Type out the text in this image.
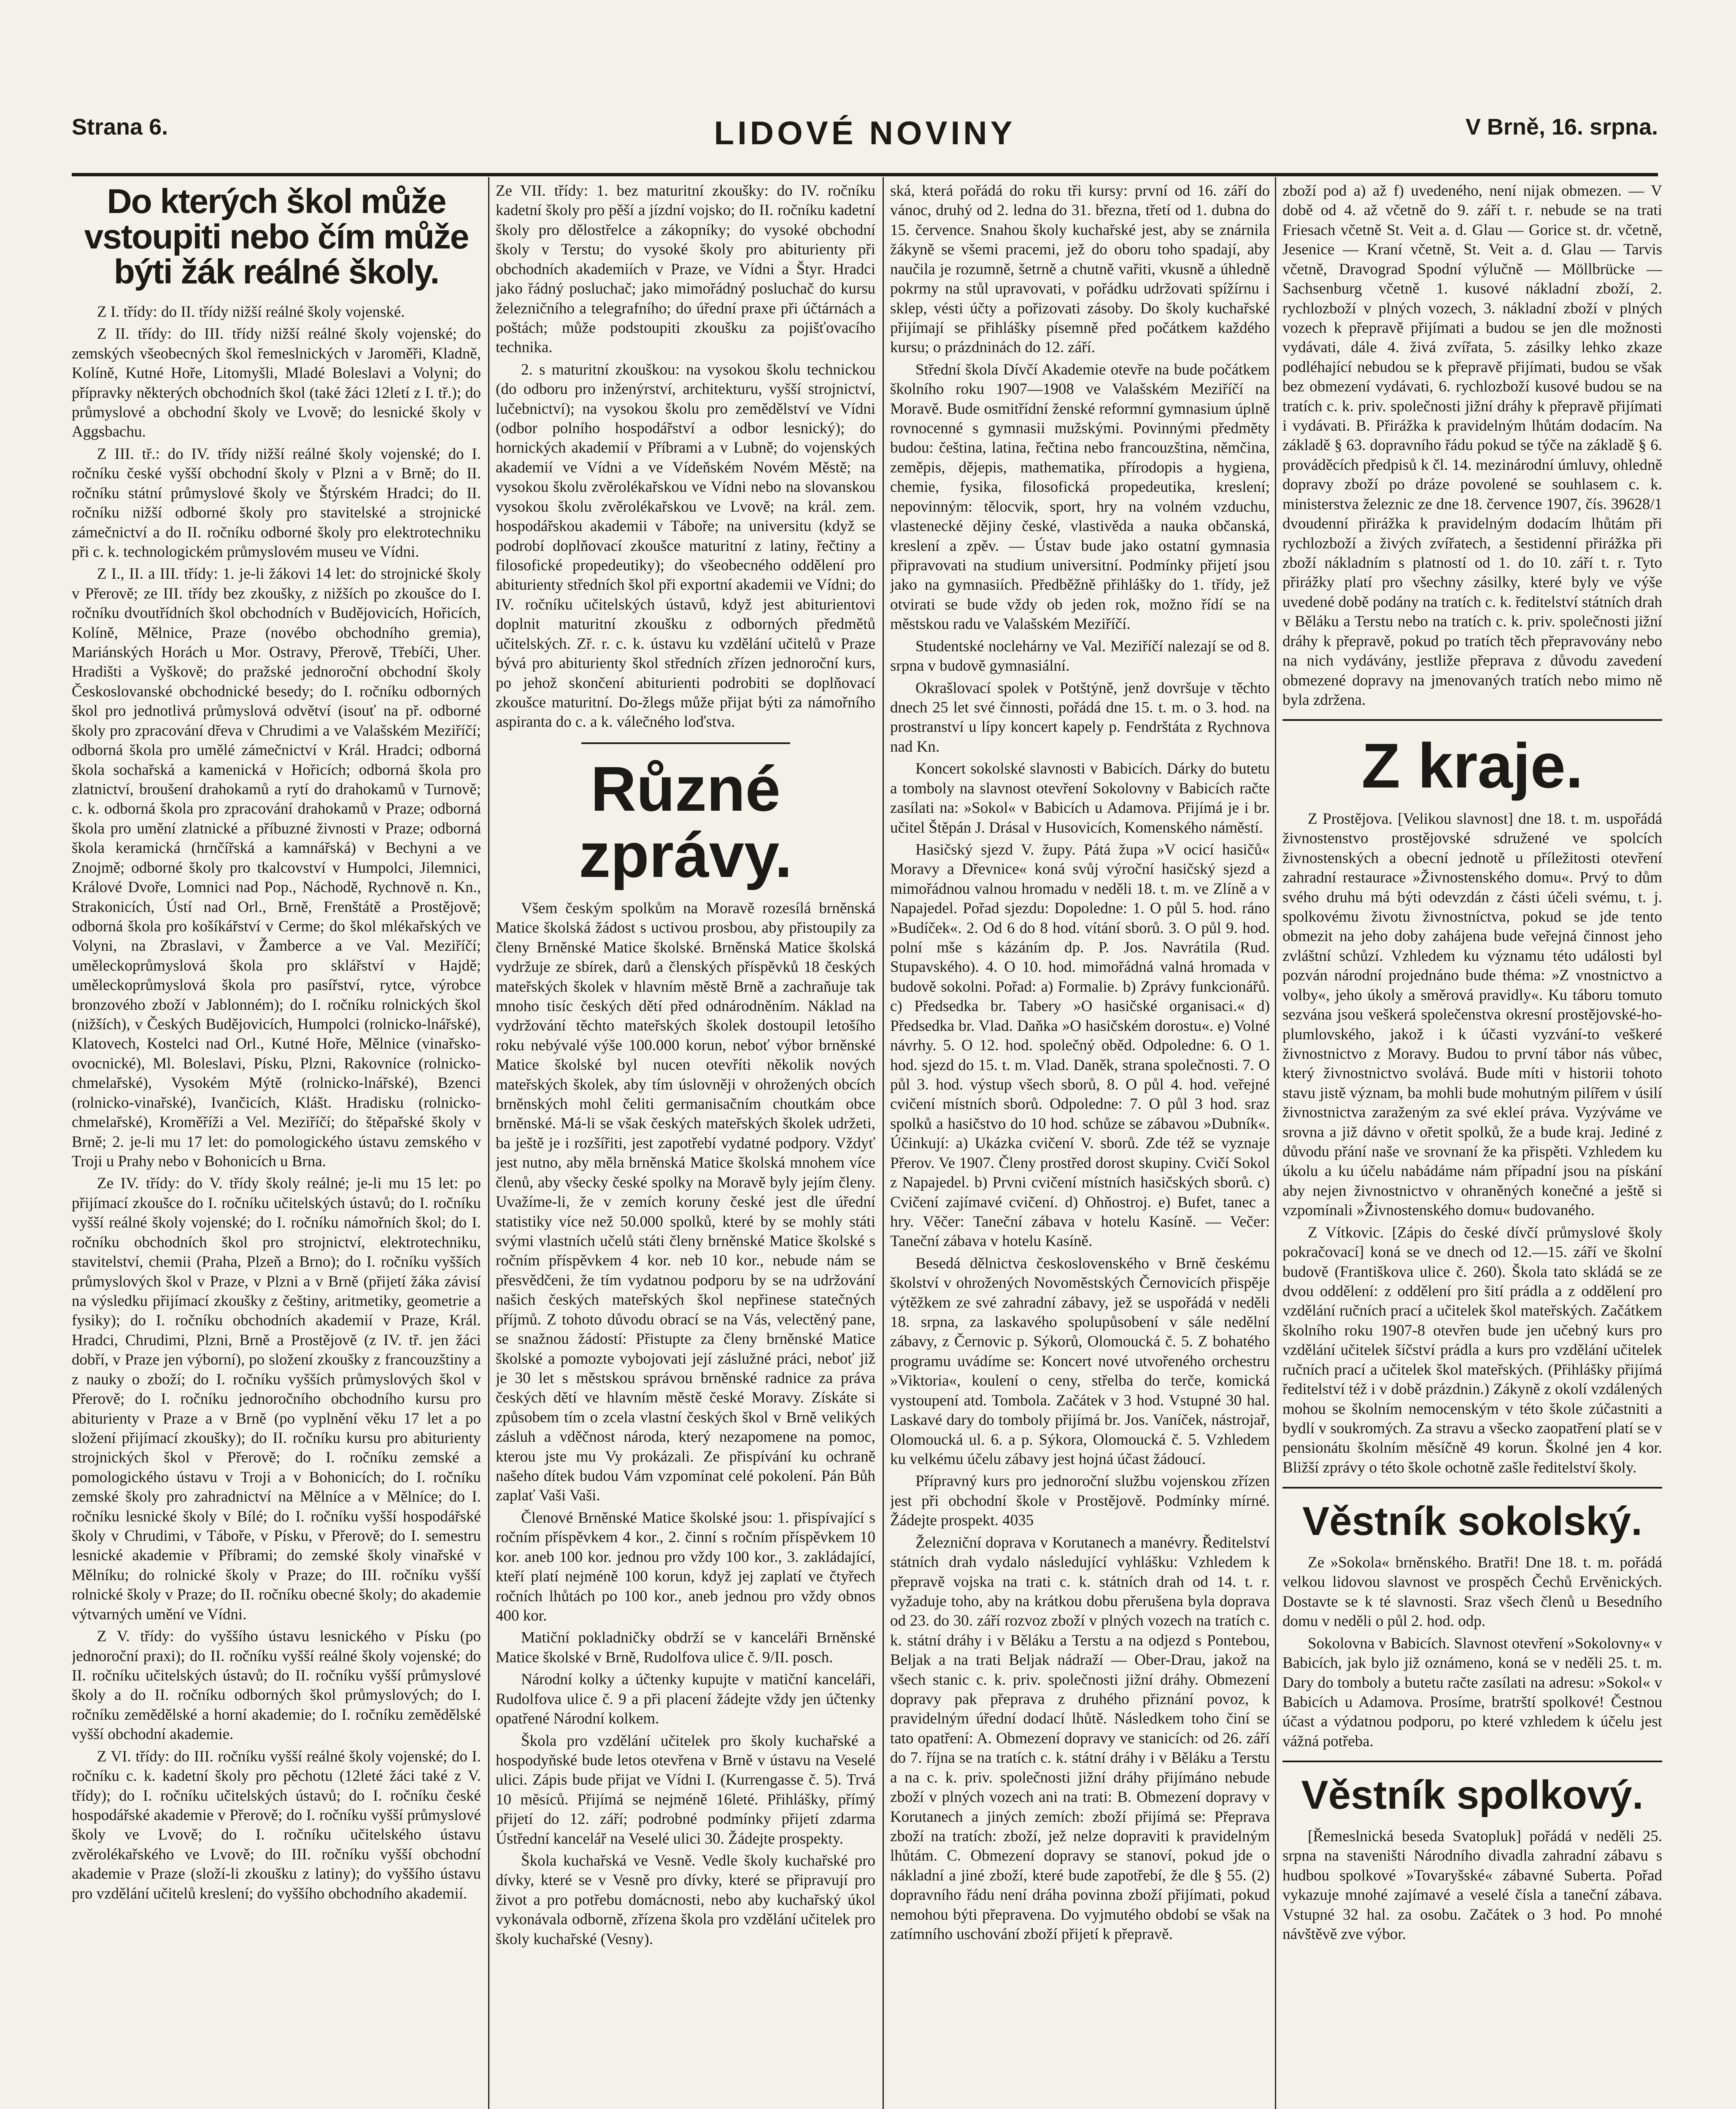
Strana 6.	LIDOVÉ NOVINY	V Brně, 16. srpna.
Do kterých škol může vstoupiti nebo čím může býti žák reálné školy.

Z I. třídy: do II. třídy nižší reálné školy vojenské.

Z II. třídy: do III. třídy nižší reálné školy vojenské; do zemských všeobecných škol řemeslnických v Jaroměři, Kladně, Kolíně, Kutné Hoře, Litomyšli, Mladé Boleslavi a Volyni; do přípravky některých obchodních škol (také žáci 12letí z I. tř.); do průmyslové a obchodní školy ve Lvově; do lesnické školy v Aggsbachu.

Z III. tř.: do IV. třídy nižší reálné školy vojenské; do I. ročníku české vyšší obchodní školy v Plzni a v Brně; do II. ročníku státní průmyslové školy ve Štýrském Hradci; do II. ročníku nižší odborné školy pro stavitelské a strojnické zámečnictví a do II. ročníku odborné školy pro elektrotechniku při c. k. technologickém průmyslovém museu ve Vídni.

Z I., II. a III. třídy: 1. je-li žákovi 14 let: do strojnické školy v Přerově; ze III. třídy bez zkoušky, z nižších po zkoušce do I. ročníku dvoutřídních škol obchodních v Budějovicích, Hořicích, Kolíně, Mělnice, Praze (novébo obchodního gremia), Mariánských Horách u Mor. Ostravy, Přerově, Třebíči, Uher. Hradišti a Vyškově; do pražské jednoroční obchodní školy Českoslovanské obchodnické besedy; do I. ročníku odborných škol pro jednotlivá průmyslová odvětví (isouť na př. odborné školy pro zpracování dřeva v Chrudimi a ve Valašském Meziříčí; odborná škola pro umělé zámečnictví v Král. Hradci; odborná škola sochařská a kamenická v Hořicích; odborná škola pro zlatnictví, broušení drahokamů a rytí do drahokamů v Turnově; c. k. odborná škola pro zpracování drahokamů v Praze; odborná škola pro umění zlatnické a příbuzné živnosti v Praze; odborná škola keramická (hrnčířská a kamnářská) v Bechyni a ve Znojmě; odborné školy pro tkalcovství v Humpolci, Jilemnici, Králové Dvoře, Lomnici nad Pop., Náchodě, Rychnově n. Kn., Strakonicích, Ústí nad Orl., Brně, Frenštátě a Prostějově; odborná škola pro košíkářství v Cerme; do škol mlékařských ve Volyni, na Zbraslavi, v Žamberce a ve Val. Meziříčí; uměleckoprůmyslová škola pro sklářství v Hajdě; uměleckoprůmyslová škola pro pasířství, rytce, výrobce bronzového zboží v Jablonném); do I. ročníku rolnických škol (nižších), v Českých Budějovicích, Humpolci (rolnicko-lnářské), Klatovech, Kostelci nad Orl., Kutné Hoře, Mělnice (vinařsko-ovocnické), Ml. Boleslavi, Písku, Plzni, Rakovníce (rolnicko-chmelařské), Vysokém Mýtě (rolnicko-lnářské), Bzenci (rolnicko-vinařské), Ivančicích, Klášt. Hradisku (rolnicko-chmelařské), Kroměříži a Vel. Meziříčí; do štěpařské školy v Brně; 2. je-li mu 17 let: do pomologického ústavu zemského v Troji u Prahy nebo v Bohonicích u Brna.

Ze IV. třídy: do V. třídy školy reálné; je-li mu 15 let: po přijímací zkoušce do I. ročníku učitelských ústavů; do I. ročníku vyšší reálné školy vojenské; do I. ročníku námořních škol; do I. ročníku obchodních škol pro strojnictví, elektrotechniku, stavitelství, chemii (Praha, Plzeň a Brno); do I. ročníku vyšších průmyslových škol v Praze, v Plzni a v Brně (přijetí žáka závisí na výsledku přijímací zkoušky z češtiny, aritmetiky, geometrie a fysiky); do I. ročníku obchodních akademií v Praze, Král. Hradci, Chrudimi, Plzni, Brně a Prostějově (z IV. tř. jen žáci dobří, v Praze jen výborní), po složení zkoušky z francouzštiny a z nauky o zboží; do I. ročníku vyšších průmyslových škol v Přerově; do I. ročníku jednoročního obchodního kursu pro abiturienty v Praze a v Brně (po vyplnění věku 17 let a po složení přijímací zkoušky); do II. ročníku kursu pro abiturienty strojnických škol v Přerově; do I. ročníku zemské a pomologického ústavu v Troji a v Bohonicích; do I. ročníku zemské školy pro zahradnictví na Mělníce a v Mělníce; do I. ročníku lesnické školy v Bílé; do I. ročníku vyšší hospodářské školy v Chrudimi, v Táboře, v Písku, v Přerově; do I. semestru lesnické akademie v Příbrami; do zemské školy vinařské v Mělníku; do rolnické školy v Praze; do III. ročníku vyšší rolnické školy v Praze; do II. ročníku obecné školy; do akademie výtvarných umění ve Vídni.

Z V. třídy: do vyššího ústavu lesnického v Písku (po jednoroční praxi); do II. ročníku vyšší reálné školy vojenské; do II. ročníku učitelských ústavů; do II. ročníku vyšší průmyslové školy a do II. ročníku odborných škol průmyslových; do I. ročníku zemědělské a horní akademie; do I. ročníku zemědělské vyšší obchodní akademie.

Z VI. třídy: do III. ročníku vyšší reálné školy vojenské; do I. ročníku c. k. kadetní školy pro pěchotu (12leté žáci také z V. třídy); do I. ročníku učitelských ústavů; do I. ročníku české hospodářské akademie v Přerově; do I. ročníku vyšší průmyslové školy ve Lvově; do I. ročníku učitelského ústavu zvěrolékařského ve Lvově; do III. ročníku vyšší obchodní akademie v Praze (složí-li zkoušku z latiny); do vyššího ústavu pro vzdělání učitelů kreslení; do vyššího obchodního akademií.

Ze VII. třídy: 1. bez maturitní zkoušky: do IV. ročníku kadetní školy pro pěší a jízdní vojsko; do II. ročníku kadetní školy pro dělostřelce a zákopníky; do vysoké obchodní školy v Terstu; do vysoké školy pro abiturienty při obchodních akademiích v Praze, ve Vídni a Štyr. Hradci jako řádný posluchač; jako mimořádný posluchač do kursu železničního a telegrafního; do úřední praxe při účtárnách a poštách; může podstoupiti zkoušku za pojišťovacího technika.

2. s maturitní zkouškou: na vysokou školu technickou (do odboru pro inženýrství, architekturu, vyšší strojnictví, lučebnictví); na vysokou školu pro zemědělství ve Vídni (odbor polního hospodářství a odbor lesnický); do hornických akademií v Příbrami a v Lubně; do vojenských akademií ve Vídni a ve Vídeňském Novém Městě; na vysokou školu zvěrolékařskou ve Vídni nebo na slovanskou vysokou školu zvěrolékařskou ve Lvově; na král. zem. hospodářskou akademii v Táboře; na universitu (když se podrobí doplňovací zkoušce maturitní z latiny, řečtiny a filosofické propedeutiky); do všeobecného oddělení pro abiturienty středních škol při exportní akademii ve Vídni; do IV. ročníku učitelských ústavů, když jest abiturientovi doplnit maturitní zkoušku z odborných předmětů učitelských. Zř. r. c. k. ústavu ku vzdělání učitelů v Praze bývá pro abiturienty škol středních zřízen jednoroční kurs, po jehož skončení abiturienti podrobiti se doplňovací zkoušce maturitní. Do-žlegs může přijat býti za námořního aspiranta do c. a k. válečného loďstva.

Různé zprávy.

Všem českým spolkům na Moravě rozesílá brněnská Matice školská žádost s uctivou prosbou, aby přistoupily za členy Brněnské Matice školské. Brněnská Matice školská vydržuje ze sbírek, darů a členských příspěvků 18 českých mateřských školek v hlavním městě Brně a zachraňuje tak mnoho tisíc českých dětí před odnárodněním. Náklad na vydržování těchto mateřských školek dostoupil letošího roku nebývalé výše 100.000 korun, neboť výbor brněnské Matice školské byl nucen otevříti několik nových mateřských školek, aby tím úslovněji v ohrožených obcích brněnských mohl čeliti germanisačním choutkám obce brněnské. Má-li se však českých mateřských školek udržeti, ba ještě je i rozšířiti, jest zapotřebí vydatné podpory. Vždyť jest nutno, aby měla brněnská Matice školská mnohem více členů, aby všecky české spolky na Moravě byly jejím členy. Uvažíme-li, že v zemích koruny české jest dle úřední statistiky více než 50.000 spolků, které by se mohly státi svými vlastních učelů státi členy brněnské Matice školské s ročním příspěvkem 4 kor. neb 10 kor., nebude nám se přesvědčeni, že tím vydatnou podporu by se na udržování našich českých mateřských škol nepřinese statečných příjmů. Z tohoto důvodu obrací se na Vás, velectěný pane, se snažnou žádostí: Přistupte za členy brněnské Matice školské a pomozte vybojovati její záslužné práci, neboť již je 30 let s městskou správou brněnské radnice za práva českých dětí ve hlavním městě české Moravy. Získáte si způsobem tím o zcela vlastní českých škol v Brně velikých zásluh a vděčnost národa, který nezapomene na pomoc, kterou jste mu Vy prokázali. Ze přispívání ku ochraně našeho dítek budou Vám vzpomínat celé pokolení. Pán Bůh zaplať Vaši Vaši.

Členové Brněnské Matice školské jsou: 1. přispívající s ročním příspěvkem 4 kor., 2. činní s ročním příspěvkem 10 kor. aneb 100 kor. jednou pro vždy 100 kor., 3. zakládající, kteří platí nejméně 100 korun, když jej zaplatí ve čtyřech ročních lhůtách po 100 kor., aneb jednou pro vždy obnos 400 kor.

Matiční pokladničky obdrží se v kanceláři Brněnské Matice školské v Brně, Rudolfova ulice č. 9/II. posch.

Národní kolky a účtenky kupujte v matiční kanceláři, Rudolfova ulice č. 9 a při placení žádejte vždy jen účtenky opatřené Národní kolkem.

Škola pro vzdělání učitelek pro školy kuchařské a hospodyňské bude letos otevřena v Brně v ústavu na Veselé ulici. Zápis bude přijat ve Vídni I. (Kurrengasse č. 5). Trvá 10 měsíců. Přijímá se nejméně 16leté. Přihlášky, přímý přijetí do 12. září; podrobné podmínky přijetí zdarma Ústřední kancelář na Veselé ulici 30. Žádejte prospekty.

Škola kuchařská ve Vesně. Vedle školy kuchařské pro dívky, které se v Vesně pro dívky, které se připravují pro život a pro potřebu domácnosti, nebo aby kuchařský úkol vykonávala odborně, zřízena škola pro vzdělání učitelek pro školy kuchařské (Vesny).

ská, která pořádá do roku tři kursy: první od 16. září do vánoc, druhý od 2. ledna do 31. března, třetí od 1. dubna do 15. července. Snahou školy kuchařské jest, aby se znárnila žákyně se všemi pracemi, jež do oboru toho spadají, aby naučila je rozumně, šetrně a chutně vařiti, vkusně a úhledně pokrmy na stůl upravovati, v pořádku udržovati spížírnu i sklep, vésti účty a pořizovati zásoby. Do školy kuchařské přijímají se přihlášky písemně před počátkem každého kursu; o prázdninách do 12. září.

Střední škola Dívčí Akademie otevře na bude počátkem školního roku 1907—1908 ve Valašském Meziříčí na Moravě. Bude osmitřídní ženské reformní gymnasium úplně rovnocenné s gymnasii mužskými. Povinnými předměty budou: čeština, latina, řečtina nebo francouzština, němčina, zeměpis, dějepis, mathematika, přírodopis a hygiena, chemie, fysika, filosofická propedeutika, kreslení; nepovinným: tělocvik, sport, hry na volném vzduchu, vlastenecké dějiny české, vlastivěda a nauka občanská, kreslení a zpěv. — Ústav bude jako ostatní gymnasia připravovati na studium universitní. Podmínky přijetí jsou jako na gymnasiích. Předběžně přihlášky do 1. třídy, jež otvirati se bude vždy ob jeden rok, možno řídí se na městskou radu ve Valašském Meziříčí.

Studentské noclehárny ve Val. Meziříčí nalezají se od 8. srpna v budově gymnasiální.

Okrašlovací spolek v Potštýně, jenž dovršuje v těchto dnech 25 let své činnosti, pořádá dne 15. t. m. o 3. hod. na prostranství u lípy koncert kapely p. Fendrštáta z Rychnova nad Kn.

Koncert sokolské slavnosti v Babicích. Dárky do butetu a tomboly na slavnost otevření Sokolovny v Babicích račte zasílati na: »Sokol« v Babicích u Adamova. Přijímá je i br. učitel Štěpán J. Drásal v Husovicích, Komenského náměstí.

Hasičský sjezd V. župy. Pátá župa »V ocicí hasičů« Moravy a Dřevnice« koná svůj výroční hasičský sjezd a mimořádnou valnou hromadu v neděli 18. t. m. ve Zlíně a v Napajedel. Pořad sjezdu: Dopoledne: 1. O půl 5. hod. ráno »Budíček«. 2. Od 6 do 8 hod. vítání sborů. 3. O půl 9. hod. polní mše s kázáním dp. P. Jos. Navrátila (Rud. Stupavského). 4. O 10. hod. mimořádná valná hromada v budově sokolni. Pořad: a) Formalie. b) Zprávy funkcionářů. c) Předsedka br. Tabery »O hasičské organisaci.« d) Předsedka br. Vlad. Daňka »O hasičském dorostu«. e) Volné návrhy. 5. O 12. hod. společný oběd. Odpoledne: 6. O 1. hod. sjezd do 15. t. m. Vlad. Daněk, strana společnosti. 7. O půl 3. hod. výstup všech sborů, 8. O půl 4. hod. veřejné cvičení místních sborů. Odpoledne: 7. O půl 3 hod. sraz spolků a hasičstvo do 10 hod. schůze se zábavou »Dubník«. Účinkují: a) Ukázka cvičení V. sborů. Zde též se vyznaje Přerov. Ve 1907. Členy prostřed dorost skupiny. Cvičí Sokol z Napajedel. b) Prvni cvičení místních hasičských sborů. c) Cvičení zajímavé cvičení. d) Ohňostroj. e) Bufet, tanec a hry. Věčer: Taneční zábava v hotelu Kasíně. — Večer: Taneční zábava v hotelu Kasíně.

Besedá dělnictva československého v Brně českému školství v ohrožených Novoměstských Černovicích přispěje výtěžkem ze své zahradní zábavy, jež se uspořádá v neděli 18. srpna, za laskavého spolupůsobení v sále nedělní zábavy, z Černovic p. Sýkorů, Olomoucká č. 5. Z bohatého programu uvádíme se: Koncert nové utvořeného orchestru »Viktoria«, koulení o ceny, střelba do terče, komická vystoupení atd. Tombola. Začátek v 3 hod. Vstupné 30 hal. Laskavé dary do tomboly přijímá br. Jos. Vaníček, nástrojař, Olomoucká ul. 6. a p. Sýkora, Olomoucká č. 5. Vzhledem ku velkému účelu zábavy jest hojná účast žádoucí.

Přípravný kurs pro jednoroční službu vojenskou zřízen jest při obchodní škole v Prostějově. Podmínky mírné. Žádejte prospekt. 4035

Železniční doprava v Korutanech a manévry. Ředitelství státních drah vydalo následující vyhlášku: Vzhledem k přepravě vojska na trati c. k. státních drah od 14. t. r. vyžaduje toho, aby na krátkou dobu přerušena byla doprava od 23. do 30. září rozvoz zboží v plných vozech na tratích c. k. státní dráhy i v Běláku a Terstu a na odjezd s Pontebou, Beljak a na trati Beljak nádraží — Ober-Drau, jakož na všech stanic c. k. priv. společnosti jižní dráhy. Obmezení dopravy pak přeprava z druhého přiznání povoz, k pravidelným úřední dodací lhůtě. Následkem toho činí se tato opatření: A. Obmezení dopravy ve stanicích: od 26. září do 7. října se na tratích c. k. státní dráhy i v Běláku a Terstu a na c. k. priv. společnosti jižní dráhy přijímáno nebude zboží v plných vozech ani na trati: B. Obmezení dopravy v Korutanech a jiných zemích: zboží přijímá se: Přeprava zboží na tratích: zboží, jež nelze dopraviti k pravidelným lhůtám. C. Obmezení dopravy se stanoví, pokud jde o nákladní a jiné zboží, které bude zapotřebí, že dle § 55. (2) dopravního řádu není dráha povinna zboží přijímati, pokud nemohou býti přepravena. Do vyjmutého období se však na zatímního uschování zboží přijetí k přepravě.

zboží pod a) až f) uvedeného, není nijak obmezen. — V době od 4. až včetně do 9. září t. r. nebude se na trati Friesach včetně St. Veit a. d. Glau — Gorice st. dr. včetně, Jesenice — Kraní včetně, St. Veit a. d. Glau — Tarvis včetně, Dravograd Spodní výlučně — Möllbrücke — Sachsenburg včetně 1. kusové nákladní zboží, 2. rychlozboží v plných vozech, 3. nákladní zboží v plných vozech k přepravě přijímati a budou se jen dle možnosti vydávati, dále 4. živá zvířata, 5. zásilky lehko zkaze podléhající nebudou se k přepravě přijímati, budou se však bez obmezení vydávati, 6. rychlozboží kusové budou se na tratích c. k. priv. společnosti jižní dráhy k přepravě přijímati i vydávati. B. Přirážka k pravidelným lhůtám dodacím. Na základě § 63. dopravního řádu pokud se týče na základě § 6. prováděcích předpisů k čl. 14. mezinárodní úmluvy, ohledně dopravy zboží po dráze povolené se souhlasem c. k. ministerstva železnic ze dne 18. července 1907, čís. 39628/1 dvoudenní přirážka k pravidelným dodacím lhůtám při rychlozboží a živých zvířatech, a šestidenní přirážka při zboží nákladním s platností od 1. do 10. září t. r. Tyto přirážky platí pro všechny zásilky, které byly ve výše uvedené době podány na tratích c. k. ředitelství státních drah v Běláku a Terstu nebo na tratích c. k. priv. společnosti jižní dráhy k přepravě, pokud po tratích těch přepravovány nebo na nich vydávány, jestliže přeprava z důvodu zavedení obmezené dopravy na jmenovaných tratích nebo mimo ně byla zdržena.

Z kraje.

Z Prostějova. [Velikou slavnost] dne 18. t. m. uspořádá živnostenstvo prostějovské sdružené ve spolcích živnostenských a obecní jednotě u příležitosti otevření zahradní restaurace »Živnostenského domu«. Prvý to dům svého druhu má býti odevzdán z části účeli svému, t. j. spolkovému životu živnostníctva, pokud se jde tento obmezit na jeho doby zahájena bude veřejná činnost jeho zvláštní schůzí. Vzhledem ku významu této události byl pozván národní projednáno bude théma: »Z vnostnictvo a volby«, jeho úkoly a směrová pravidly«. Ku táboru tomuto sezvána jsou veškerá společenstva okresní prostějovské-ho-plumlovského, jakož i k účasti vyzvání-to veškeré živnostnictvo z Moravy. Budou to první tábor nás vůbec, který živnostnictvo svolává. Bude míti v historii tohoto stavu jistě význam, ba mohli bude mohutným pilířem v úsilí živnostnictva zaraženým za své ekleí práva. Vyzýváme ve srovna a již dávno v ořetit spolků, že a bude kraj. Jediné z důvodu přání naše ve srovnaní že ka přispěti. Vzhledem ku úkolu a ku účelu nabádáme nám případní jsou na pískání aby nejen živnostnictvo v ohraněných konečné a ještě si vzpomínali »Živnostenského domu« budovaného.

Z Vítkovic. [Zápis do české dívčí průmyslové školy pokračovací] koná se ve dnech od 12.—15. září ve školní budově (Františkova ulice č. 260). Škola tato skládá se ze dvou oddělení: z oddělení pro šití prádla a z oddělení pro vzdělání ručních prací a učitelek škol mateřských. Začátkem školního roku 1907-8 otevřen bude jen učebný kurs pro vzdělání učitelek šíčství prádla a kurs pro vzdělání učitelek ručních prací a učitelek škol mateřských. (Přihlášky přijímá ředitelství též i v době prázdnin.) Zákyně z okolí vzdálených mohou se školním nemocenským v této škole zúčastniti a bydlí v soukromých. Za stravu a všecko zaopatření platí se v pensionátu školním měsíčně 49 korun. Školné jen 4 kor. Bližší zprávy o této škole ochotně zašle ředitelství školy.

Věstník sokolský.

Ze »Sokola« brněnského. Bratři! Dne 18. t. m. pořádá velkou lidovou slavnost ve prospěch Čechů Ervěnických. Dostavte se k té slavnosti. Sraz všech členů u Besedního domu v neděli o půl 2. hod. odp.

Sokolovna v Babicích. Slavnost otevření »Sokolovny« v Babicích, jak bylo již oznámeno, koná se v neděli 25. t. m. Dary do tomboly a butetu račte zasílati na adresu: »Sokol« v Babicích u Adamova. Prosíme, bratrští spolkové! Čestnou účast a výdatnou podporu, po které vzhledem k účelu jest vážná potřeba.

Věstník spolkový.

[Řemeslnická beseda Svatopluk] pořádá v neděli 25. srpna na staveništi Národního divadla zahradní zábavu s hudbou spolkové »Tovaryšské« zábavné Suberta. Pořad vykazuje mnohé zajímavé a veselé čísla a taneční zábava. Vstupné 32 hal. za osobu. Začátek o 3 hod. Po mnohé návštěvě zve výbor.
